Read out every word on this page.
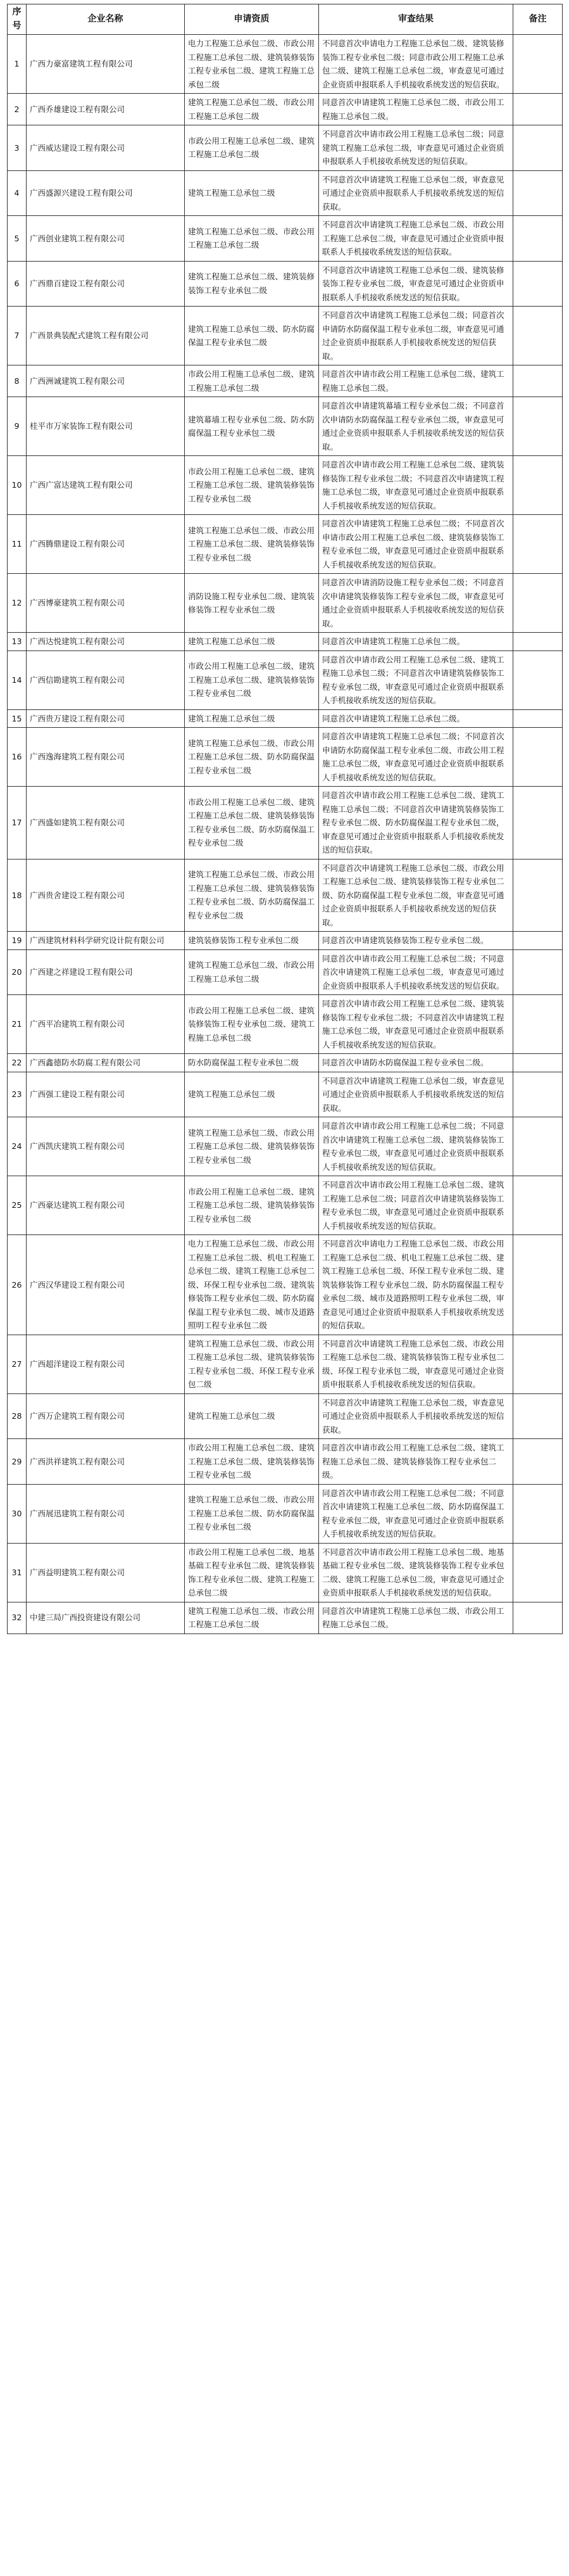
序号	企业名称	申请资质	审查结果	备注
1	广西力豪富建筑工程有限公司	电力工程施工总承包二级、市政公用工程施工总承包二级、建筑装修装饰工程专业承包二级、建筑工程施工总承包二级	不同意首次申请电力工程施工总承包二级、建筑装修装饰工程专业承包二级；同意市政公用工程施工总承包二级、建筑工程施工总承包二级，审查意见可通过企业资质申报联系人手机接收系统发送的短信获取。	
2	广西乔雄建设工程有限公司	建筑工程施工总承包二级、市政公用工程施工总承包二级	同意首次申请建筑工程施工总承包二级、市政公用工程施工总承包二级。	
3	广西威达建设工程有限公司	市政公用工程施工总承包二级、建筑工程施工总承包二级	不同意首次申请市政公用工程施工总承包二级；同意建筑工程施工总承包二级，审查意见可通过企业资质申报联系人手机接收系统发送的短信获取。	
4	广西盛源兴建设工程有限公司	建筑工程施工总承包二级	不同意首次申请建筑工程施工总承包二级，审查意见可通过企业资质申报联系人手机接收系统发送的短信获取。	
5	广西创业建筑工程有限公司	建筑工程施工总承包二级、市政公用工程施工总承包二级	不同意首次申请建筑工程施工总承包二级、市政公用工程施工总承包二级，审查意见可通过企业资质申报联系人手机接收系统发送的短信获取。	
6	广西鼎百建设工程有限公司	建筑工程施工总承包二级、建筑装修装饰工程专业承包二级	不同意首次申请建筑工程施工总承包二级、建筑装修装饰工程专业承包二级，审查意见可通过企业资质申报联系人手机接收系统发送的短信获取。	
7	广西景典装配式建筑工程有限公司	建筑工程施工总承包二级、防水防腐保温工程专业承包二级	不同意首次申请建筑工程施工总承包二级；同意首次申请防水防腐保温工程专业承包二级，审查意见可通过企业资质申报联系人手机接收系统发送的短信获取。	
8	广西洲诚建筑工程有限公司	市政公用工程施工总承包二级、建筑工程施工总承包二级	同意首次申请市政公用工程施工总承包二级、建筑工程施工总承包二级。	
9	桂平市万家装饰工程有限公司	建筑幕墙工程专业承包二级、防水防腐保温工程专业承包二级	同意首次申请建筑幕墙工程专业承包二级；不同意首次申请防水防腐保温工程专业承包二级，审查意见可通过企业资质申报联系人手机接收系统发送的短信获取。	
10	广西广富达建筑工程有限公司	市政公用工程施工总承包二级、建筑工程施工总承包二级、建筑装修装饰工程专业承包二级	同意首次申请市政公用工程施工总承包二级、建筑装修装饰工程专业承包二级；不同意首次申请建筑工程施工总承包二级，审查意见可通过企业资质申报联系人手机接收系统发送的短信获取。	
11	广西腾鼎建设工程有限公司	建筑工程施工总承包二级、市政公用工程施工总承包二级、建筑装修装饰工程专业承包二级	同意首次申请建筑工程施工总承包二级；不同意首次申请市政公用工程施工总承包二级、建筑装修装饰工程专业承包二级，审查意见可通过企业资质申报联系人手机接收系统发送的短信获取。	
12	广西博豪建筑工程有限公司	消防设施工程专业承包二级、建筑装修装饰工程专业承包二级	同意首次申请消防设施工程专业承包二级；不同意首次申请建筑装修装饰工程专业承包二级，审查意见可通过企业资质申报联系人手机接收系统发送的短信获取。	
13	广西达悦建筑工程有限公司	建筑工程施工总承包二级	同意首次申请建筑工程施工总承包二级。	
14	广西信勘建筑工程有限公司	市政公用工程施工总承包二级、建筑工程施工总承包二级、建筑装修装饰工程专业承包二级	同意首次申请市政公用工程施工总承包二级、建筑工程施工总承包二级；不同意首次申请建筑装修装饰工程专业承包二级，审查意见可通过企业资质申报联系人手机接收系统发送的短信获取。	
15	广西贵万建设工程有限公司	建筑工程施工总承包二级	同意首次申请建筑工程施工总承包二级。	
16	广西逸海建筑工程有限公司	建筑工程施工总承包二级、市政公用工程施工总承包二级、防水防腐保温工程专业承包二级	同意首次申请建筑工程施工总承包二级；不同意首次申请防水防腐保温工程专业承包二级、市政公用工程施工总承包二级，审查意见可通过企业资质申报联系人手机接收系统发送的短信获取。	
17	广西盛如建筑工程有限公司	市政公用工程施工总承包二级、建筑工程施工总承包二级、建筑装修装饰工程专业承包二级、防水防腐保温工程专业承包二级	同意首次申请市政公用工程施工总承包二级、建筑工程施工总承包二级；不同意首次申请建筑装修装饰工程专业承包二级、防水防腐保温工程专业承包二级，审查意见可通过企业资质申报联系人手机接收系统发送的短信获取。	
18	广西贵舍建设工程有限公司	建筑工程施工总承包二级、市政公用工程施工总承包二级、建筑装修装饰工程专业承包二级、防水防腐保温工程专业承包二级	不同意首次申请建筑工程施工总承包二级、市政公用工程施工总承包二级、建筑装修装饰工程专业承包二级、防水防腐保温工程专业承包二级，审查意见可通过企业资质申报联系人手机接收系统发送的短信获取。	
19	广西建筑材料科学研究设计院有限公司	建筑装修装饰工程专业承包二级	同意首次申请建筑装修装饰工程专业承包二级。	
20	广西建之祥建设工程有限公司	建筑工程施工总承包二级、市政公用工程施工总承包二级	同意首次申请市政公用工程施工总承包二级；不同意首次申请建筑工程施工总承包二级，审查意见可通过企业资质申报联系人手机接收系统发送的短信获取。	
21	广西平冶建筑工程有限公司	市政公用工程施工总承包二级、建筑装修装饰工程专业承包二级、建筑工程施工总承包二级	同意首次申请市政公用工程施工总承包二级、建筑装修装饰工程专业承包二级；不同意首次申请建筑工程施工总承包二级，审查意见可通过企业资质申报联系人手机接收系统发送的短信获取。	
22	广西鑫德防水防腐工程有限公司	防水防腐保温工程专业承包二级	同意首次申请防水防腐保温工程专业承包二级。	
23	广西强工建设工程有限公司	建筑工程施工总承包二级	不同意首次申请建筑工程施工总承包二级，审查意见可通过企业资质申报联系人手机接收系统发送的短信获取。	
24	广西凯庆建筑工程有限公司	建筑工程施工总承包二级、市政公用工程施工总承包二级、建筑装修装饰工程专业承包二级	同意首次申请市政公用工程施工总承包二级；不同意首次申请建筑工程施工总承包二级、建筑装修装饰工程专业承包二级，审查意见可通过企业资质申报联系人手机接收系统发送的短信获取。	
25	广西豪达建筑工程有限公司	市政公用工程施工总承包二级、建筑工程施工总承包二级、建筑装修装饰工程专业承包二级	不同意首次申请市政公用工程施工总承包二级、建筑工程施工总承包二级；同意首次申请建筑装修装饰工程专业承包二级，审查意见可通过企业资质申报联系人手机接收系统发送的短信获取。	
26	广西汉华建设工程有限公司	电力工程施工总承包二级、市政公用工程施工总承包二级、机电工程施工总承包二级、建筑工程施工总承包二级、环保工程专业承包二级、建筑装修装饰工程专业承包二级、防水防腐保温工程专业承包二级、城市及道路照明工程专业承包二级	不同意首次申请电力工程施工总承包二级、市政公用工程施工总承包二级、机电工程施工总承包二级、建筑工程施工总承包二级、环保工程专业承包二级、建筑装修装饰工程专业承包二级、防水防腐保温工程专业承包二级、城市及道路照明工程专业承包二级，审查意见可通过企业资质申报联系人手机接收系统发送的短信获取。	
27	广西超洋建设工程有限公司	建筑工程施工总承包二级、市政公用工程施工总承包二级、建筑装修装饰工程专业承包二级、环保工程专业承包二级	不同意首次申请建筑工程施工总承包二级、市政公用工程施工总承包二级、建筑装修装饰工程专业承包二级、环保工程专业承包二级，审查意见可通过企业资质申报联系人手机接收系统发送的短信获取。	
28	广西万企建筑工程有限公司	建筑工程施工总承包二级	不同意首次申请建筑工程施工总承包二级，审查意见可通过企业资质申报联系人手机接收系统发送的短信获取。	
29	广西洪祥建筑工程有限公司	市政公用工程施工总承包二级、建筑工程施工总承包二级、建筑装修装饰工程专业承包二级	同意首次申请市政公用工程施工总承包二级、建筑工程施工总承包二级、建筑装修装饰工程专业承包二级。	
30	广西展迅建筑工程有限公司	建筑工程施工总承包二级、市政公用工程施工总承包二级、防水防腐保温工程专业承包二级	同意首次申请市政公用工程施工总承包二级；不同意首次申请建筑工程施工总承包二级、防水防腐保温工程专业承包二级，审查意见可通过企业资质申报联系人手机接收系统发送的短信获取。	
31	广西益明建筑工程有限公司	市政公用工程施工总承包二级、地基基础工程专业承包二级、建筑装修装饰工程专业承包二级、建筑工程施工总承包二级	不同意首次申请市政公用工程施工总承包二级、地基基础工程专业承包二级、建筑装修装饰工程专业承包二级、建筑工程施工总承包二级，审查意见可通过企业资质申报联系人手机接收系统发送的短信获取。	
32	中建三局广西投资建设有限公司	建筑工程施工总承包二级、市政公用工程施工总承包二级	同意首次申请建筑工程施工总承包二级、市政公用工程施工总承包二级。	
